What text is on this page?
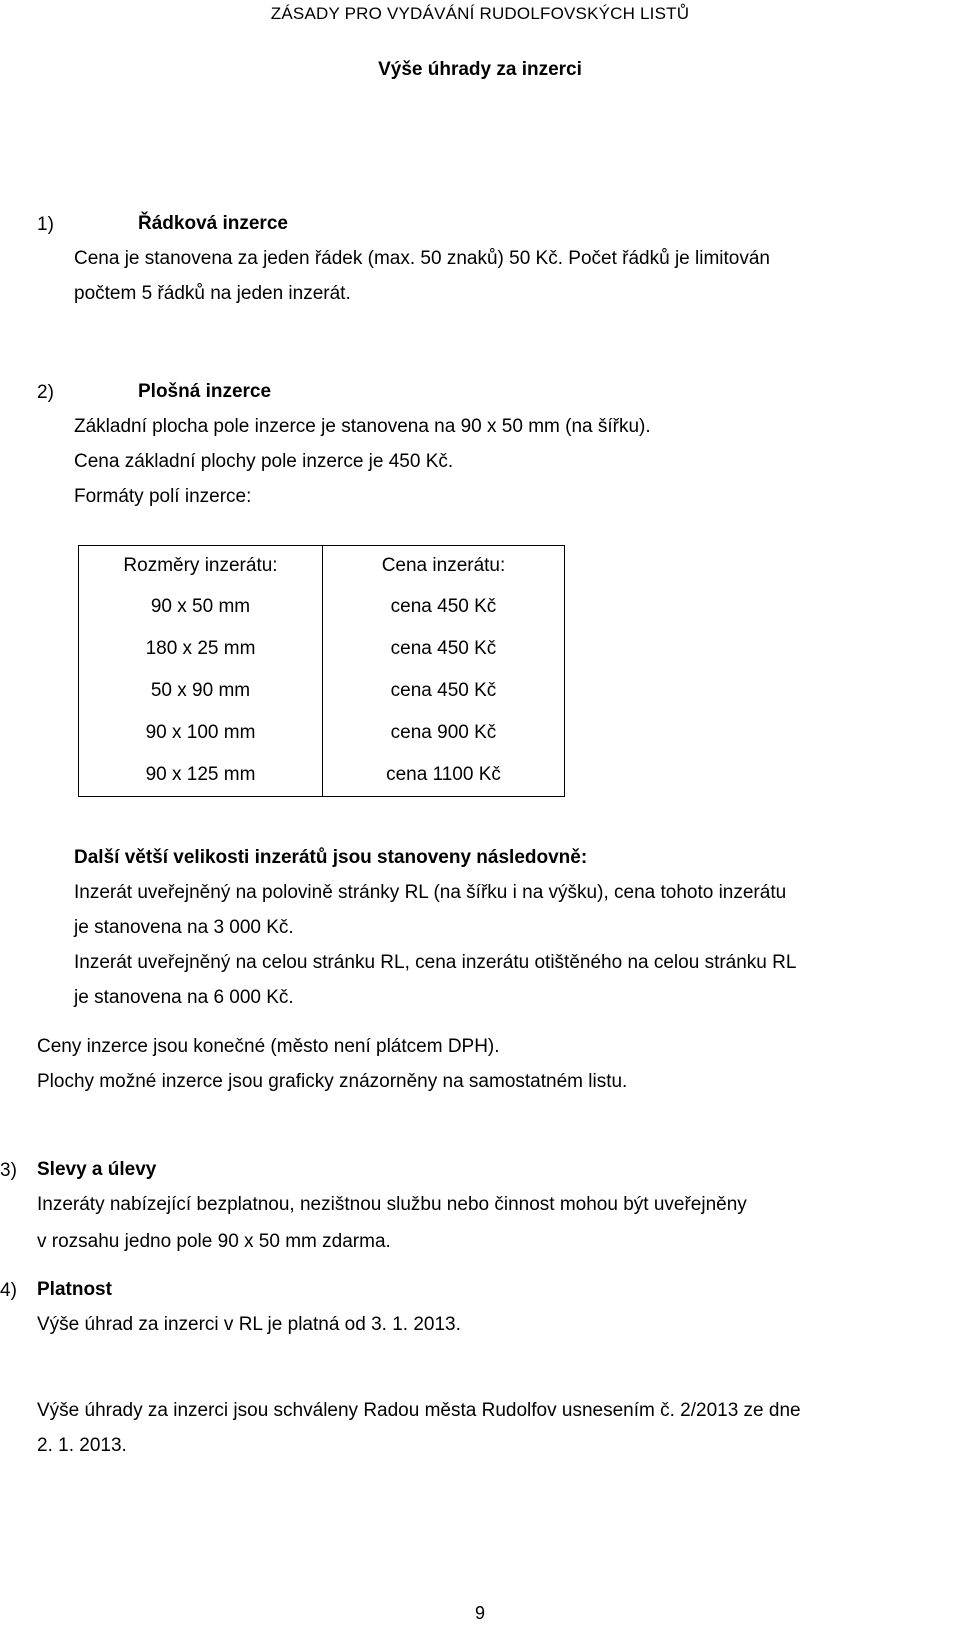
ZÁSADY PRO VYDÁVÁNÍ RUDOLFOVSKÝCH LISTŮ
Výše úhrady za inzerci
1)	Řádková inzerce
Cena je stanovena za jeden řádek (max. 50 znaků) 50 Kč. Počet řádků je limitován
počtem 5 řádků na jeden inzerát.
2)	Plošná inzerce
Základní plocha pole inzerce je stanovena na 90 x 50 mm (na šířku).
Cena základní plochy pole inzerce je 450 Kč.
Formáty polí inzerce:
Rozměry inzerátu:	Cena inzerátu:
90 x 50 mm	cena 450 Kč
180 x 25 mm	cena 450 Kč
50 x 90 mm	cena 450 Kč
90 x 100 mm	cena 900 Kč
90 x 125 mm	cena 1100 Kč
Další větší velikosti inzerátů jsou stanoveny následovně:
Inzerát uveřejněný na polovině stránky RL (na šířku i na výšku), cena tohoto inzerátu
je stanovena na 3 000 Kč.
Inzerát uveřejněný na celou stránku RL, cena inzerátu otištěného na celou stránku RL
je stanovena na 6 000 Kč.
Ceny inzerce jsou konečné (město není plátcem DPH).
Plochy možné inzerce jsou graficky znázorněny na samostatném listu.
3) Slevy a úlevy
Inzeráty nabízející bezplatnou, nezištnou službu nebo činnost mohou být uveřejněny
v rozsahu jedno pole 90 x 50 mm zdarma.
4) Platnost
Výše úhrad za inzerci v RL je platná od 3. 1. 2013.
Výše úhrady za inzerci jsou schváleny Radou města Rudolfov usnesením č. 2/2013 ze dne
2. 1. 2013.
9
